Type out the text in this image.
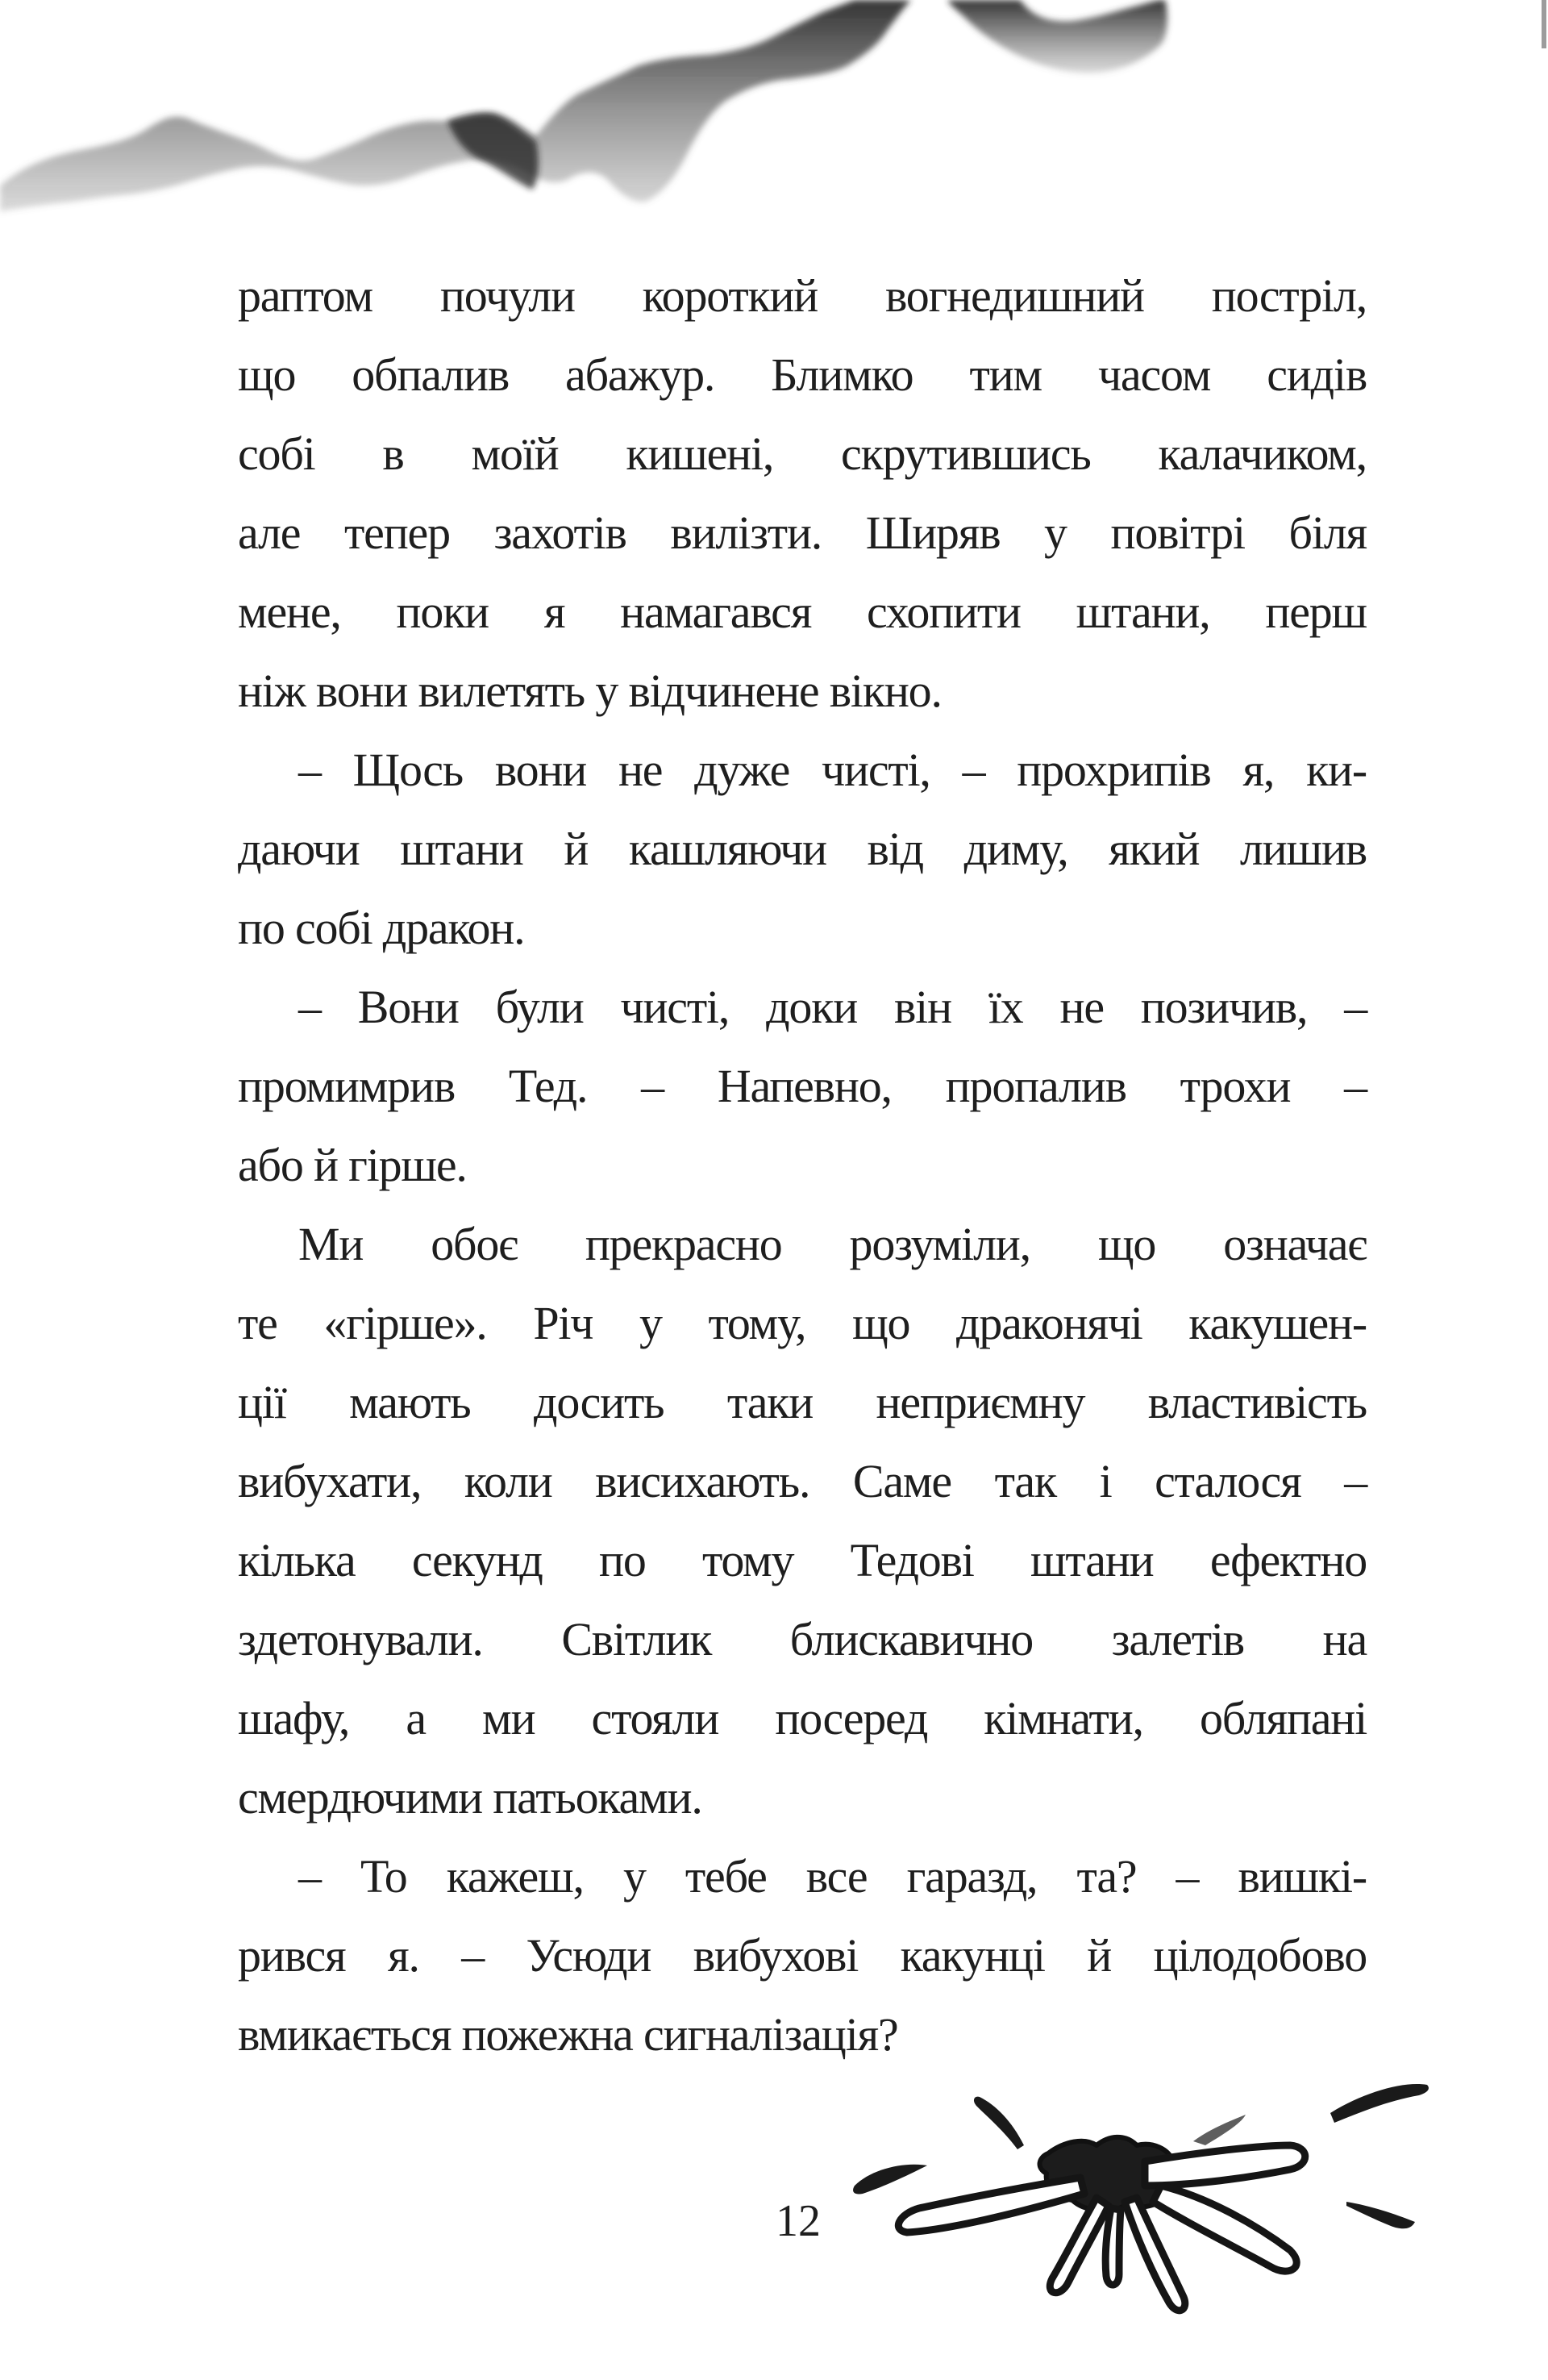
раптом почули короткий вогнедишний постріл,
що обпалив абажур. Блимко тим часом сидів
собі в моїй кишені, скрутившись калачиком,
але тепер захотів вилізти. Ширяв у повітрі біля
мене, поки я намагався схопити штани, перш
ніж вони вилетять у відчинене вікно.
– Щось вони не дуже чисті, – прохрипів я, ки-
даючи штани й кашляючи від диму, який лишив
по собі дракон.
– Вони були чисті, доки він їх не позичив, –
промимрив Тед. – Напевно, пропалив трохи –
або й гірше.
Ми обоє прекрасно розуміли, що означає
те «гірше». Річ у тому, що драконячі какушен-
ції мають досить таки неприємну властивість
вибухати, коли висихають. Саме так і сталося –
кілька секунд по тому Тедові штани ефектно
здетонували. Світлик блискавично залетів на
шафу, а ми стояли посеред кімнати, обляпані
смердючими патьоками.
– То кажеш, у тебе все гаразд, та? – вишкі-
рився я. – Усюди вибухові какунці й цілодобово
вмикається пожежна сигналізація?
12
